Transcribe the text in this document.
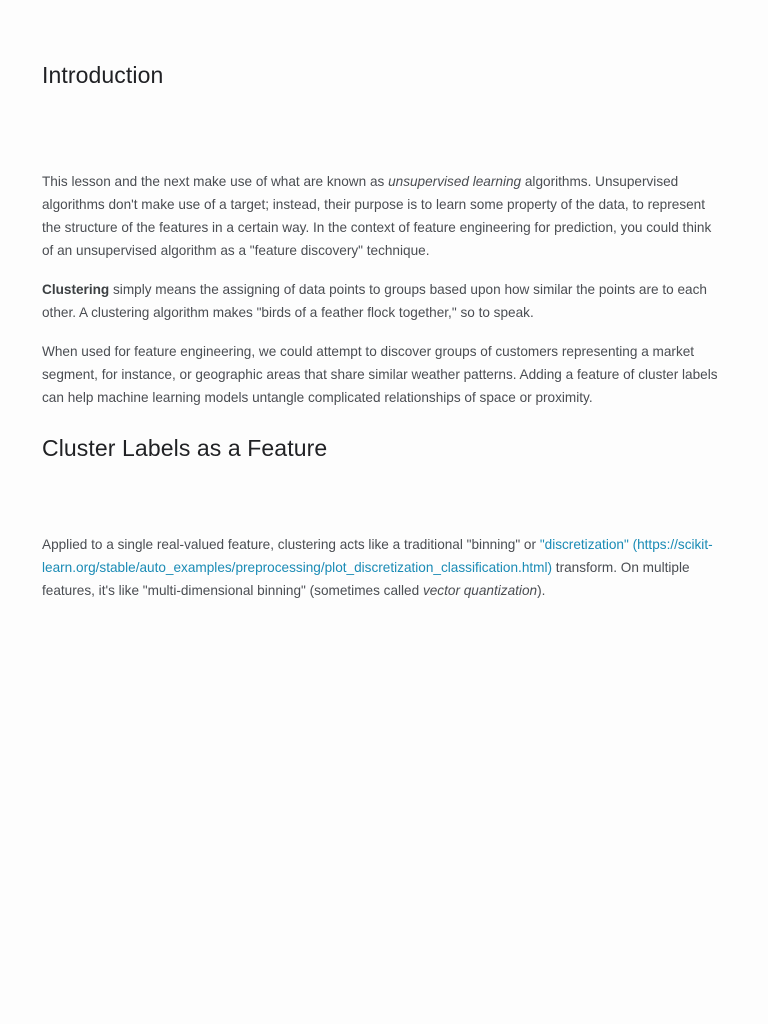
Introduction

This lesson and the next make use of what are known as unsupervised learning algorithms. Unsupervised algorithms don't make use of a target; instead, their purpose is to learn some property of the data, to represent the structure of the features in a certain way. In the context of feature engineering for prediction, you could think of an unsupervised algorithm as a "feature discovery" technique.

Clustering simply means the assigning of data points to groups based upon how similar the points are to each other. A clustering algorithm makes "birds of a feather flock together," so to speak.

When used for feature engineering, we could attempt to discover groups of customers representing a market segment, for instance, or geographic areas that share similar weather patterns. Adding a feature of cluster labels can help machine learning models untangle complicated relationships of space or proximity.

Cluster Labels as a Feature

Applied to a single real-valued feature, clustering acts like a traditional "binning" or "discretization" (https://scikit-learn.org/stable/auto_examples/preprocessing/plot_discretization_classification.html) transform. On multiple features, it's like "multi-dimensional binning" (sometimes called vector quantization).
